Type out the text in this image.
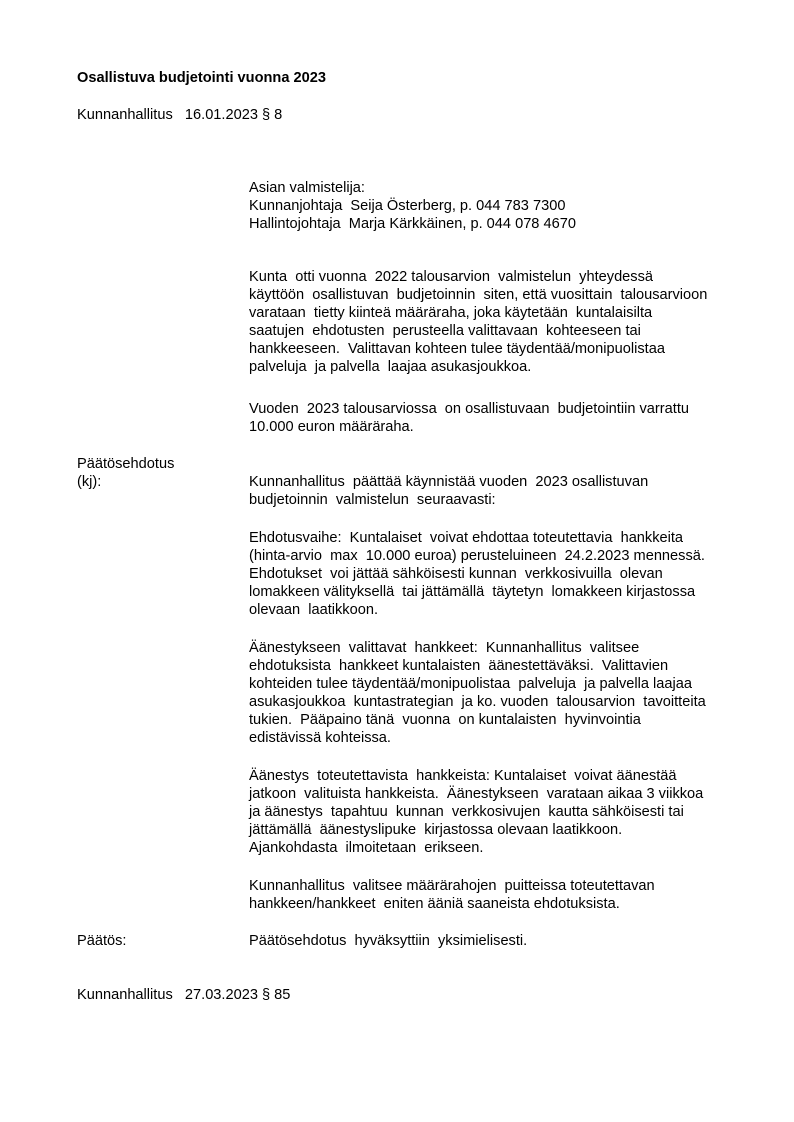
Osallistuva budjetointi vuonna 2023
Kunnanhallitus   16.01.2023 § 8
Asian valmistelija:
Kunnanjohtaja  Seija Österberg, p. 044 783 7300
Hallintojohtaja  Marja Kärkkäinen, p. 044 078 4670
Kunta  otti vuonna  2022 talousarvion  valmistelun  yhteydessä
käyttöön  osallistuvan  budjetoinnin  siten, että vuosittain  talousarvioon
varataan  tietty kiinteä määräraha, joka käytetään  kuntalaisilta
saatujen  ehdotusten  perusteella valittavaan  kohteeseen tai
hankkeeseen.  Valittavan kohteen tulee täydentää/monipuolistaa
palveluja  ja palvella  laajaa asukasjoukkoa.
Vuoden  2023 talousarviossa  on osallistuvaan  budjetointiin varrattu
10.000 euron määräraha.
Päätösehdotus
(kj):	Kunnanhallitus  päättää käynnistää vuoden  2023 osallistuvan
budjetoinnin  valmistelun  seuraavasti:
Ehdotusvaihe:  Kuntalaiset  voivat ehdottaa toteutettavia  hankkeita
(hinta-arvio  max  10.000 euroa) perusteluineen  24.2.2023 mennessä.
Ehdotukset  voi jättää sähköisesti kunnan  verkkosivuilla  olevan
lomakkeen välityksellä  tai jättämällä  täytetyn  lomakkeen kirjastossa
olevaan  laatikkoon.
Äänestykseen  valittavat  hankkeet:  Kunnanhallitus  valitsee
ehdotuksista  hankkeet kuntalaisten  äänestettäväksi.  Valittavien
kohteiden tulee täydentää/monipuolistaa  palveluja  ja palvella laajaa
asukasjoukkoa  kuntastrategian  ja ko. vuoden  talousarvion  tavoitteita
tukien.  Pääpaino tänä  vuonna  on kuntalaisten  hyvinvointia
edistävissä kohteissa.
Äänestys  toteutettavista  hankkeista: Kuntalaiset  voivat äänestää
jatkoon  valituista hankkeista.  Äänestykseen  varataan aikaa 3 viikkoa
ja äänestys  tapahtuu  kunnan  verkkosivujen  kautta sähköisesti tai
jättämällä  äänestyslipuke  kirjastossa olevaan laatikkoon.
Ajankohdasta  ilmoitetaan  erikseen.
Kunnanhallitus  valitsee määrärahojen  puitteissa toteutettavan
hankkeen/hankkeet  eniten ääniä saaneista ehdotuksista.
Päätös:	Päätösehdotus  hyväksyttiin  yksimielisesti.
Kunnanhallitus   27.03.2023 § 85
